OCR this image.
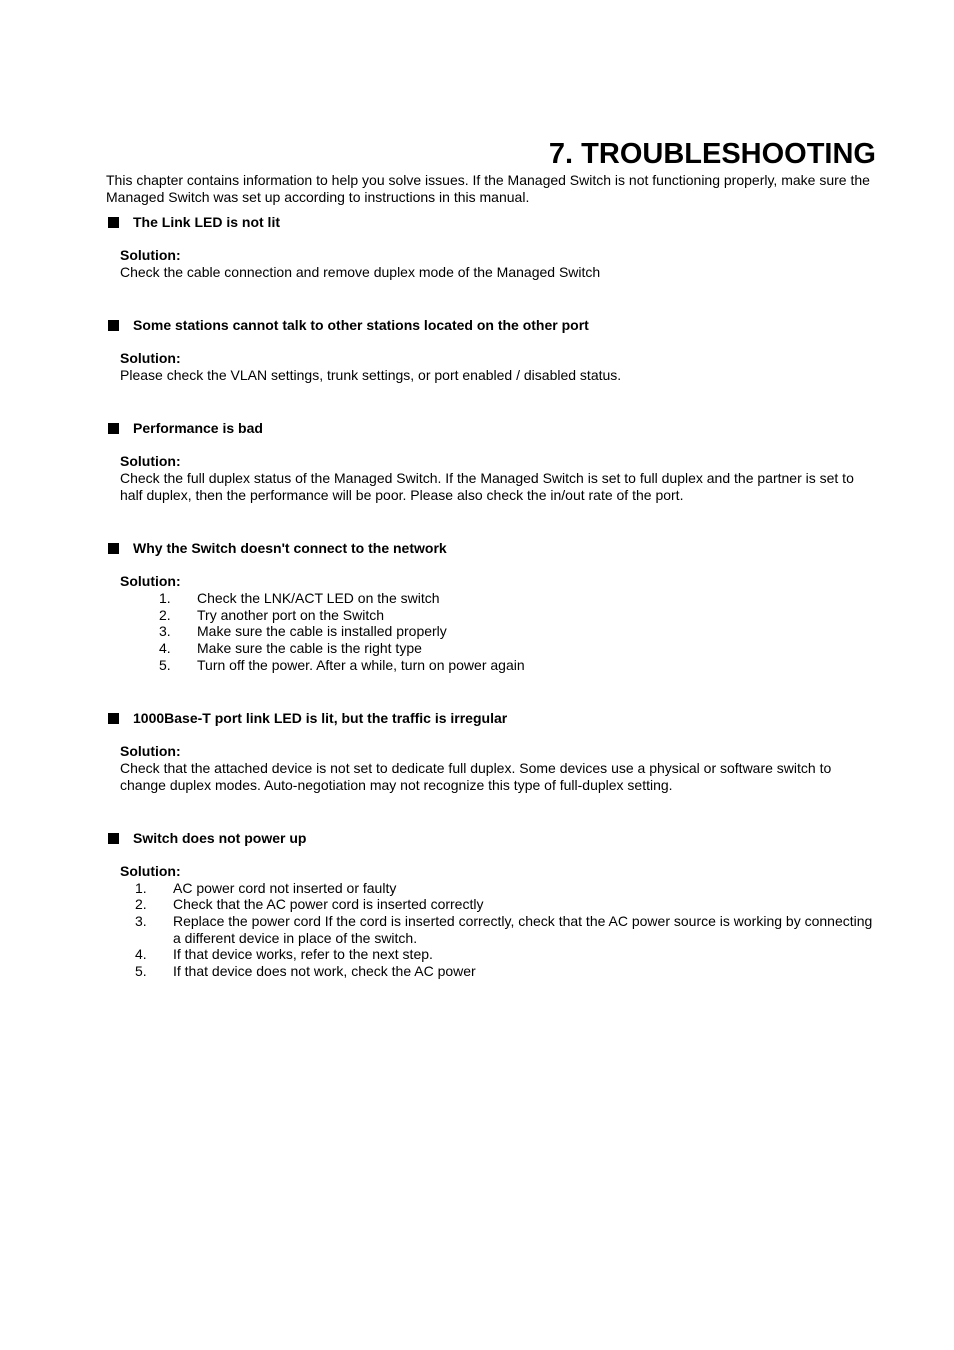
7. TROUBLESHOOTING

This chapter contains information to help you solve issues. If the Managed Switch is not functioning properly, make sure the Managed Switch was set up according to instructions in this manual.

The Link LED is not lit
Solution:
Check the cable connection and remove duplex mode of the Managed Switch
Some stations cannot talk to other stations located on the other port
Solution:
Please check the VLAN settings, trunk settings, or port enabled / disabled status.
Performance is bad
Solution:
Check the full duplex status of the Managed Switch. If the Managed Switch is set to full duplex and the partner is set to half duplex, then the performance will be poor. Please also check the in/out rate of the port.
Why the Switch doesn't connect to the network
Solution:
1. Check the LNK/ACT LED on the switch
2. Try another port on the Switch
3. Make sure the cable is installed properly
4. Make sure the cable is the right type
5. Turn off the power. After a while, turn on power again
1000Base-T port link LED is lit, but the traffic is irregular
Solution:
Check that the attached device is not set to dedicate full duplex. Some devices use a physical or software switch to change duplex modes. Auto-negotiation may not recognize this type of full-duplex setting.
Switch does not power up
Solution:
1. AC power cord not inserted or faulty
2. Check that the AC power cord is inserted correctly
3. Replace the power cord If the cord is inserted correctly, check that the AC power source is working by connecting a different device in place of the switch.
4. If that device works, refer to the next step.
5. If that device does not work, check the AC power
